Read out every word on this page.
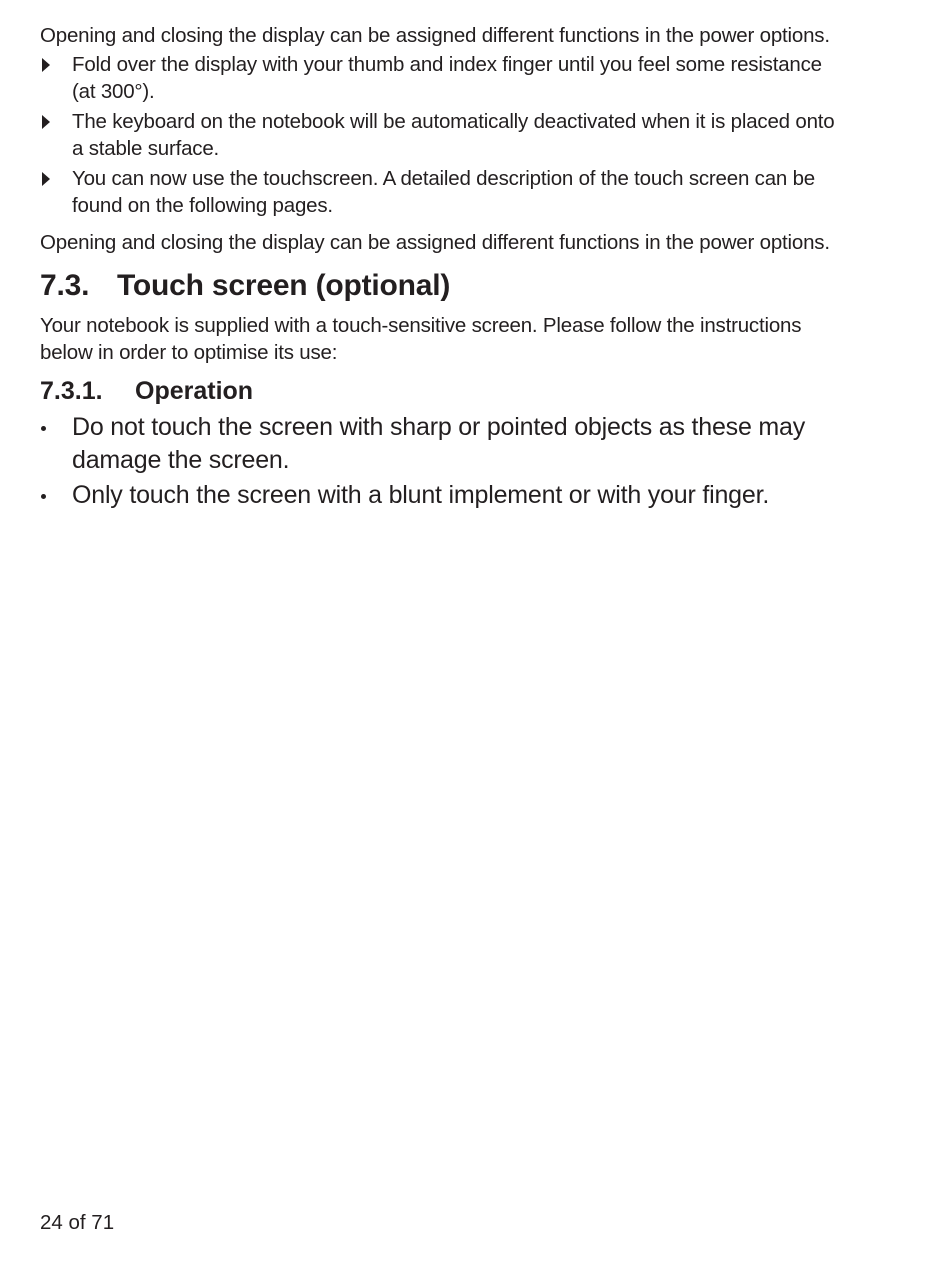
Opening and closing the display can be assigned different functions in the power options.

Fold over the display with your thumb and index finger until you feel some resistance (at 300°).
The keyboard on the notebook will be automatically deactivated when it is placed onto a stable surface.
You can now use the touchscreen. A detailed description of the touch screen can be found on the following pages.

Opening and closing the display can be assigned different functions in the power options.

7.3. Touch screen (optional)

Your notebook is supplied with a touch-sensitive screen. Please follow the instructions below in order to optimise its use:

7.3.1. Operation
Do not touch the screen with sharp or pointed objects as these may damage the screen.
Only touch the screen with a blunt implement or with your finger.
24 of 71
